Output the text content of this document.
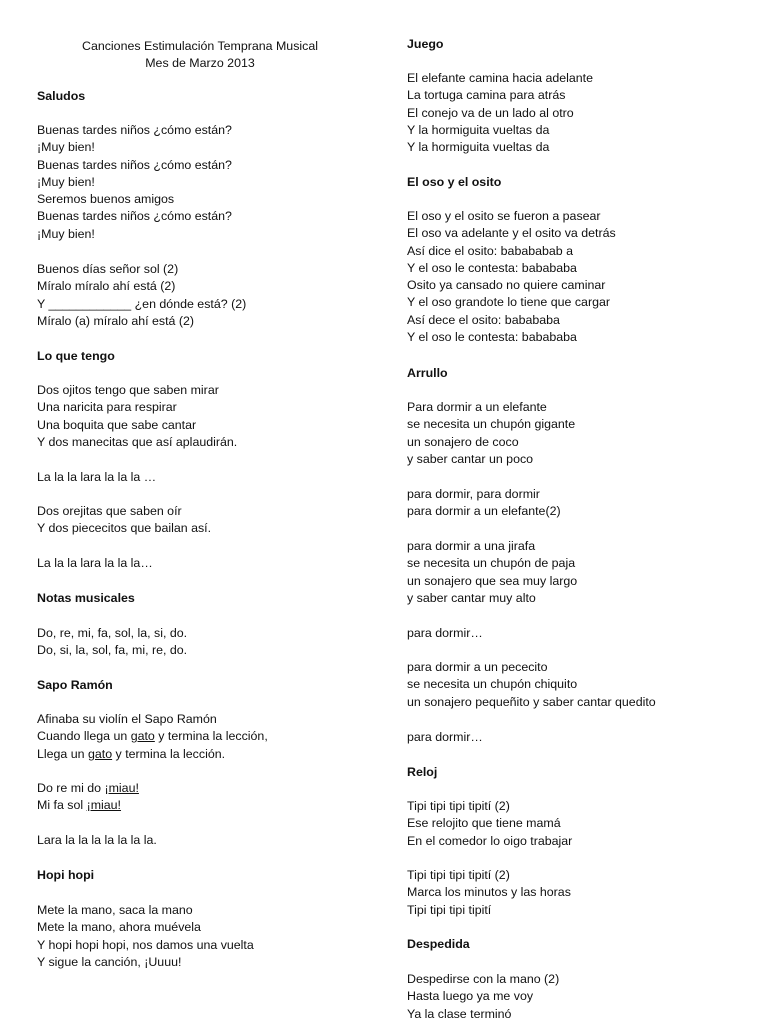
Canciones Estimulación Temprana Musical
Mes de Marzo 2013
Saludos
Buenas tardes niños ¿cómo están?
¡Muy bien!
Buenas tardes niños ¿cómo están?
¡Muy bien!
Seremos buenos amigos
Buenas tardes niños ¿cómo están?
¡Muy bien!
Buenos días señor sol (2)
Míralo míralo ahí está (2)
Y ____________ ¿en dónde está? (2)
Míralo (a) míralo ahí está (2)
Lo que tengo
Dos ojitos tengo que saben mirar
Una naricita para respirar
Una boquita que sabe cantar
Y dos manecitas que así aplaudirán.
La la la lara la la la …
Dos orejitas que saben oír
Y dos piececitos que bailan así.
La la la lara la la la…
Notas musicales
Do, re, mi, fa, sol, la, si, do.
Do, si, la, sol, fa, mi, re, do.
Sapo Ramón
Afinaba su violín el Sapo Ramón
Cuando llega un gato y termina la lección,
Llega un gato y termina la lección.
Do re mi do ¡miau!
Mi fa sol ¡miau!
Lara la la la la la la la.
Hopi hopi
Mete la mano, saca la mano
Mete la mano, ahora muévela
Y hopi hopi hopi, nos damos una vuelta
Y sigue la canción, ¡Uuuu!
Juego
El elefante camina hacia adelante
La tortuga camina para atrás
El conejo va de un lado al otro
Y la hormiguita vueltas da
Y la hormiguita vueltas da
El oso y el osito
El oso y el osito se fueron a pasear
El oso va adelante y el osito va detrás
Así dice el osito: babababab a
Y el oso le contesta: babababa
Osito ya cansado no quiere caminar
Y el oso grandote lo tiene que cargar
Así dece el osito: babababa
Y el oso le contesta: babababa
Arrullo
Para dormir a un elefante
se necesita un chupón gigante
un sonajero de coco
y saber cantar un poco
para dormir, para dormir
para dormir a un elefante(2)
para dormir a una jirafa
se necesita un chupón de paja
un sonajero que sea muy largo
y saber cantar muy alto
para dormir…
para dormir a un pececito
se necesita un chupón chiquito
un sonajero pequeñito y saber cantar quedito
para dormir…
Reloj
Tipi tipi tipi tipití (2)
Ese relojito que tiene mamá
En el comedor lo oigo trabajar
Tipi tipi tipi tipití (2)
Marca los minutos y las horas
Tipi tipi tipi tipití
Despedida
Despedirse con la mano (2)
Hasta luego ya me voy
Ya la clase terminó
